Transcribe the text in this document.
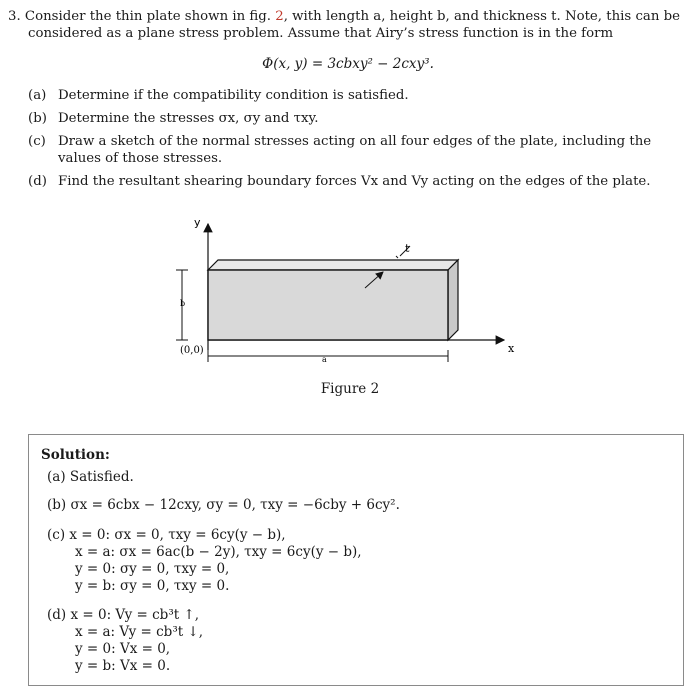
3. Consider the thin plate shown in fig. 2, with length a, height b, and thickness t. Note, this can be considered as a plane stress problem. Assume that Airy’s stress function is in the form

Φ(x, y) = 3cbxy² − 2cxy³.
(a) Determine if the compatibility condition is satisfied.
(b) Determine the stresses σx, σy and τxy.
(c) Draw a sketch of the normal stresses acting on all four edges of the plate, including the values of those stresses.
(d) Find the resultant shearing boundary forces Vx and Vy acting on the edges of the plate.
y
x
(0,0)
b
a
t
Figure 2
Solution:
(a) Satisfied.
(b) σx = 6cbx − 12cxy, σy = 0, τxy = −6cby + 6cy².
(c) x = 0: σx = 0, τxy = 6cy(y − b),
x = a: σx = 6ac(b − 2y), τxy = 6cy(y − b),
y = 0: σy = 0, τxy = 0,
y = b: σy = 0, τxy = 0.
(d) x = 0: Vy = cb³t ↑,
x = a: Vy = cb³t ↓,
y = 0: Vx = 0,
y = b: Vx = 0.
